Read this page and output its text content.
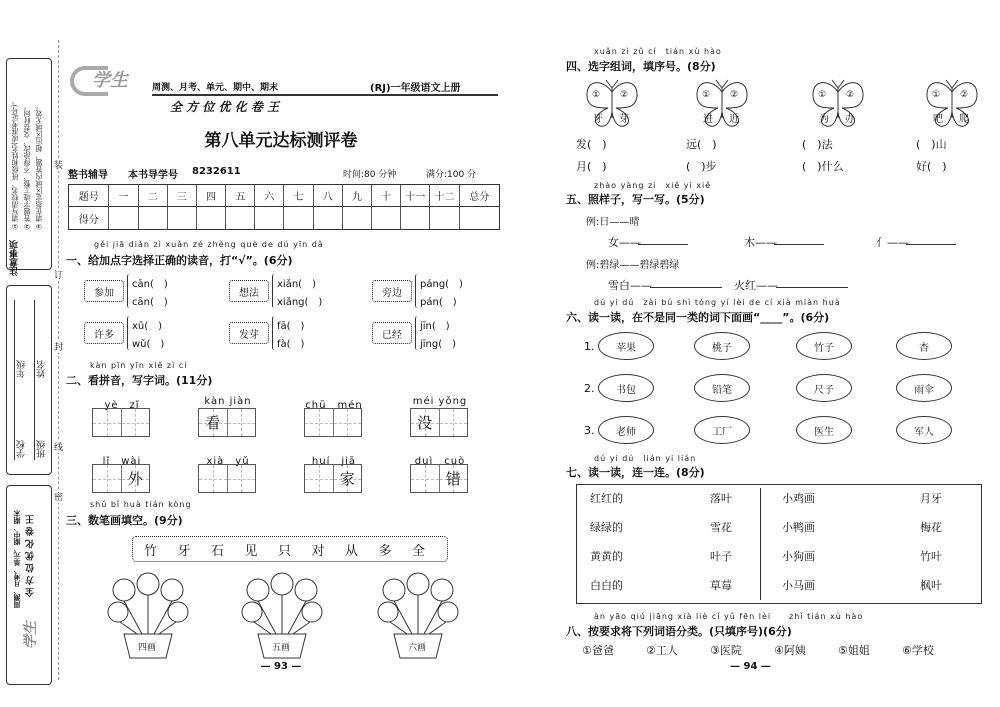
注意事项
①请写清校名、班级和姓名(或准考证号)。 ②答题字迹工整、不得涂改、交卷时间。 ③请在指定区域内答题，超出区域无效。
学校 班级
年级 姓名
周测、月考、单元、期中、期末 全 方 位 优 化 卷 王
学生
装
订
线
封
密
学生	周测、月考、单元、期中、期末
全 方 位 优 化 卷 王
(RJ)一年级语文上册
第八单元达标测评卷
整书辅导 本书导学号 8232611	时间:80 分钟	满分:100 分
题号	一	二	三	四	五	六	七	八	九	十	十一 十二	总分
得分
gěi jiā diǎn zì xuǎn zé zhèng què de dú yīn dǎ
一、给加点字选择正确的读音，打“√”。(6分)
kàn pīn yīn xiě zì cí
二、看拼音，写字词。(11分)
shǔ bǐ huà tián kòng
三、数笔画填空。(9分)
— 93 —
参加
cān(　)
cān(　)
想法
xiǎn(　)
xiǎng(　)
旁边
páng(　)
pán(　)
许多
xǔ(　)
wǔ(　)
发芽
fā(　)
fà(　)
已经
jīn(　)
jīng(　)
yè　zǐ	kàn jiàn
看
chū　mén	méi yǒng
没
lǐ　wài
外
xià　yǔ	huí　jiā
家
duì　cuò
错
竹 牙 石 见 只 对 从 多 全
四画	五画	六画
xuǎn zì zǔ cí　tián xù hào
四、选字组词，填序号。(8分)
zhào yàng zi　xiě yi xiě
五、照样子，写一写。(5分)
例:日——晴
例:碧绿——碧绿碧绿
dú yi dú　zài bú shì tóng yí lèi de cí xià miàn huà
六、读一读，在不是同一类的词下面画“____”。(6分)
dú yi dú　lián yi lián
七、读一读，连一连。(8分)
àn yāo qiú jiāng xià liè cí yǔ fēn lèi　　zhǐ tián xù hào
八、按要求将下列词语分类。(只填序号)(6分)
— 94 —
① ②
牙 芽
发(　)
月(　)
① ②
进 近
远(　)
(　)步
① ②
为 办
(　)法
(　)什么
① ②
吧 爬
(　)山
好(　)
女——	木——	亻——
雪白——	火红——
1.	苹果	桃子	竹子	杏
2.	书包	铅笔	尺子	雨伞
3.	老师	工厂	医生	军人
红红的	落叶
绿绿的	雪花
黄黄的	叶子
白白的	草莓
小鸡画	月牙
小鸭画	梅花
小狗画	竹叶
小马画	枫叶
①爸爸	②工人	③医院	④阿姨	⑤姐姐	⑥学校
